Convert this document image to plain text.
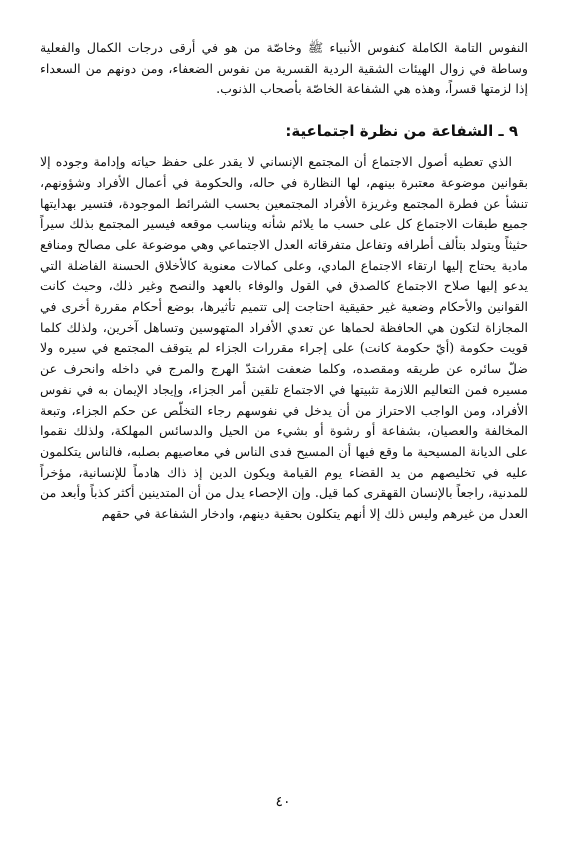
النفوس التامة الكاملة كنفوس الأنبياء ﷺ وخاصّة من هو في أرقى درجات الكمال والفعلية وساطة في زوال الهيئات الشقية الردية القسرية من نفوس الضعفاء، ومن دونهم من السعداء إذا لزمتها قسراً، وهذه هي الشفاعة الخاصّة بأصحاب الذنوب.

٩ ـ الشفاعة من نظرة اجتماعية:

الذي تعطيه أصول الاجتماع أن المجتمع الإنساني لا يقدر على حفظ حياته وإدامة وجوده إلا بقوانين موضوعة معتبرة بينهم، لها النظارة في حاله، والحكومة في أعمال الأفراد وشؤونهم، تنشأ عن فطرة المجتمع وغريزة الأفراد المجتمعين بحسب الشرائط الموجودة، فتسير بهدايتها جميع طبقات الاجتماع كل على حسب ما يلائم شأنه ويناسب موقعه فيسير المجتمع بذلك سيراً حثيثاً ويتولد بتألف أطرافه وتفاعل متفرقاته العدل الاجتماعي وهي موضوعة على مصالح ومنافع مادية يحتاج إليها ارتقاء الاجتماع المادي، وعلى كمالات معنوية كالأخلاق الحسنة الفاضلة التي يدعو إليها صلاح الاجتماع كالصدق في القول والوفاء بالعهد والنصح وغير ذلك، وحيث كانت القوانين والأحكام وضعية غير حقيقية احتاجت إلى تتميم تأثيرها، بوضع أحكام مقررة أخرى في المجازاة لتكون هي الحافظة لحماها عن تعدي الأفراد المتهوسين وتساهل آخرين، ولذلك كلما قويت حكومة (أيّ حكومة كانت) على إجراء مقررات الجزاء لم يتوقف المجتمع في سيره ولا ضلّ سائره عن طريقه ومقصده، وكلما ضعفت اشتدّ الهرج والمرج في داخله وانحرف عن مسيره فمن التعاليم اللازمة تثبيتها في الاجتماع تلقين أمر الجزاء، وإيجاد الإيمان به في نفوس الأفراد، ومن الواجب الاحتراز من أن يدخل في نفوسهم رجاء التخلّص عن حكم الجزاء، وتبعة المخالفة والعصيان، بشفاعة أو رشوة أو بشيء من الحيل والدسائس المهلكة، ولذلك نقموا على الديانة المسيحية ما وقع فيها أن المسيح فدى الناس في معاصيهم بصلبه، فالناس يتكلمون عليه في تخليصهم من يد القضاء يوم القيامة ويكون الدين إذ ذاك هادماً للإنسانية، مؤخراً للمدنية، راجعاً بالإنسان القهقرى كما قيل. وإن الإحصاء يدل من أن المتدينين أكثر كذباً وأبعد من العدل من غيرهم وليس ذلك إلا أنهم يتكلون بحقية دينهم، وادخار الشفاعة في حقهم

٤٠
